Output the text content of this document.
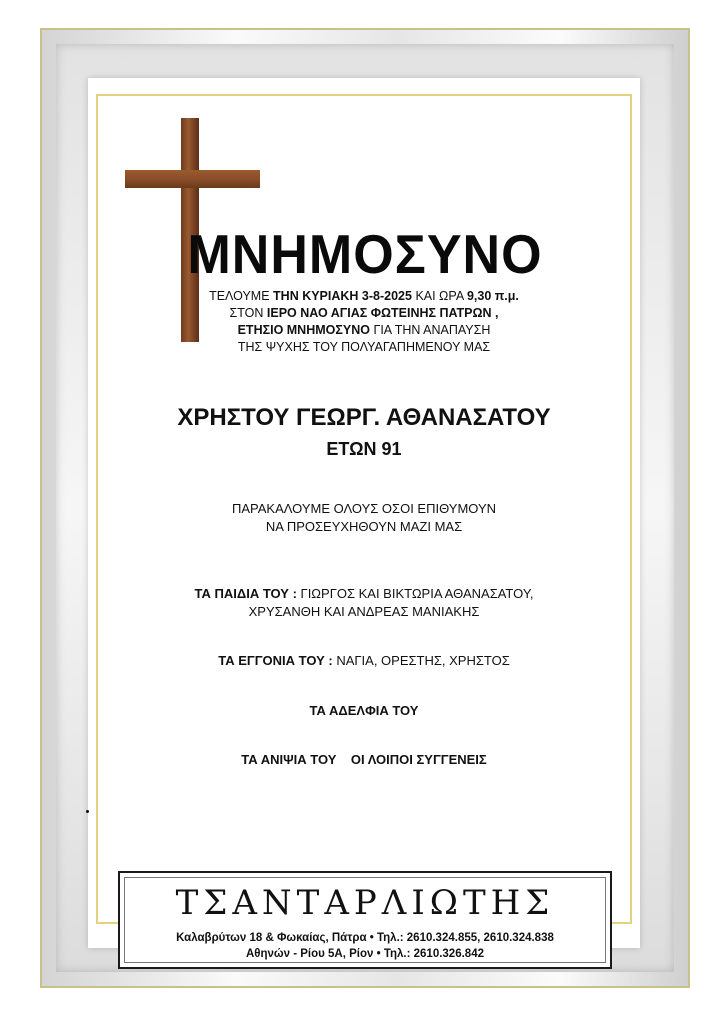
ΜΝΗΜΟΣΥΝΟ
ΤΕΛΟΥΜΕ ΤΗΝ ΚΥΡΙΑΚΗ 3-8-2025 ΚΑΙ ΩΡΑ 9,30 π.μ.
ΣΤΟΝ ΙΕΡΟ ΝΑΟ ΑΓΙΑΣ ΦΩΤΕΙΝΗΣ ΠΑΤΡΩΝ ,
ΕΤΗΣΙΟ ΜΝΗΜΟΣΥΝΟ ΓΙΑ ΤΗΝ ΑΝΑΠΑΥΣΗ
ΤΗΣ ΨΥΧΗΣ ΤΟΥ ΠΟΛΥΑΓΑΠΗΜΕΝΟΥ ΜΑΣ
ΧΡΗΣΤΟΥ ΓΕΩΡΓ. ΑΘΑΝΑΣΑΤΟΥ
ΕΤΩΝ 91
ΠΑΡΑΚΑΛΟΥΜΕ ΟΛΟΥΣ ΟΣΟΙ ΕΠΙΘΥΜΟΥΝ
ΝΑ ΠΡΟΣΕΥΧΗΘΟΥΝ ΜΑΖΙ ΜΑΣ
ΤΑ ΠΑΙΔΙΑ ΤΟΥ : ΓΙΩΡΓΟΣ ΚΑΙ ΒΙΚΤΩΡΙΑ ΑΘΑΝΑΣΑΤΟΥ,
ΧΡΥΣΑΝΘΗ ΚΑΙ ΑΝΔΡΕΑΣ ΜΑΝΙΑΚΗΣ
ΤΑ ΕΓΓΟΝΙΑ ΤΟΥ : ΝΑΓΙΑ, ΟΡΕΣΤΗΣ, ΧΡΗΣΤΟΣ
ΤΑ ΑΔΕΛΦΙΑ ΤΟΥ
ΤΑ ΑΝΙΨΙΑ ΤΟΥ ΟΙ ΛΟΙΠΟΙ ΣΥΓΓΕΝΕΙΣ
ΤΣΑΝΤΑΡΛΙΩΤΗΣ
Καλαβρύτων 18 & Φωκαίας, Πάτρα • Τηλ.: 2610.324.855, 2610.324.838
Αθηνών - Ρίου 5Α, Ρίον • Τηλ.: 2610.326.842
